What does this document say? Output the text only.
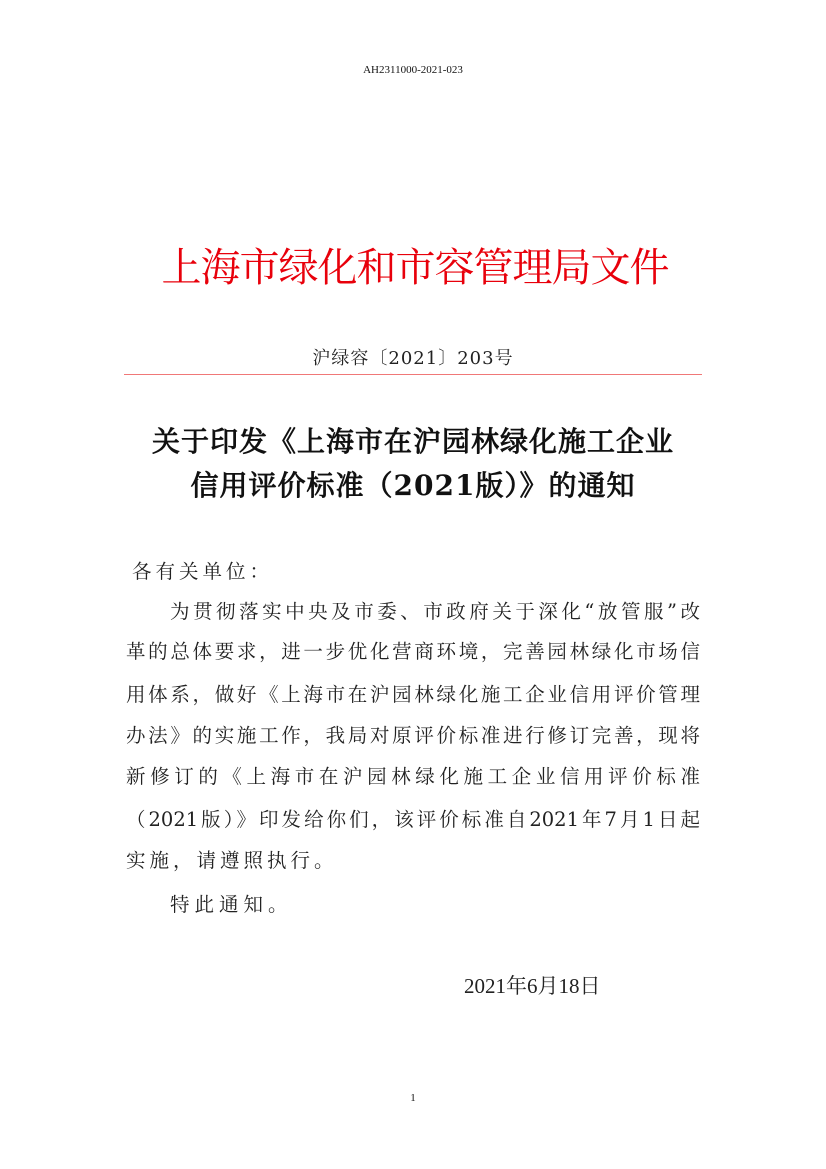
AH2311000-2021-023
上海市绿化和市容管理局文件
沪绿容〔2021〕203号
关于印发《上海市在沪园林绿化施工企业
信用评价标准（2021版）》的通知
各有关单位：
为贯彻落实中央及市委、市政府关于深化“放管服”改
革的总体要求，进一步优化营商环境，完善园林绿化市场信
用体系，做好《上海市在沪园林绿化施工企业信用评价管理
办法》的实施工作，我局对原评价标准进行修订完善，现将
新修订的《上海市在沪园林绿化施工企业信用评价标准
（2021版）》印发给你们，该评价标准自2021年7月1日起
实施，请遵照执行。
特此通知。
2021年6月18日
1
